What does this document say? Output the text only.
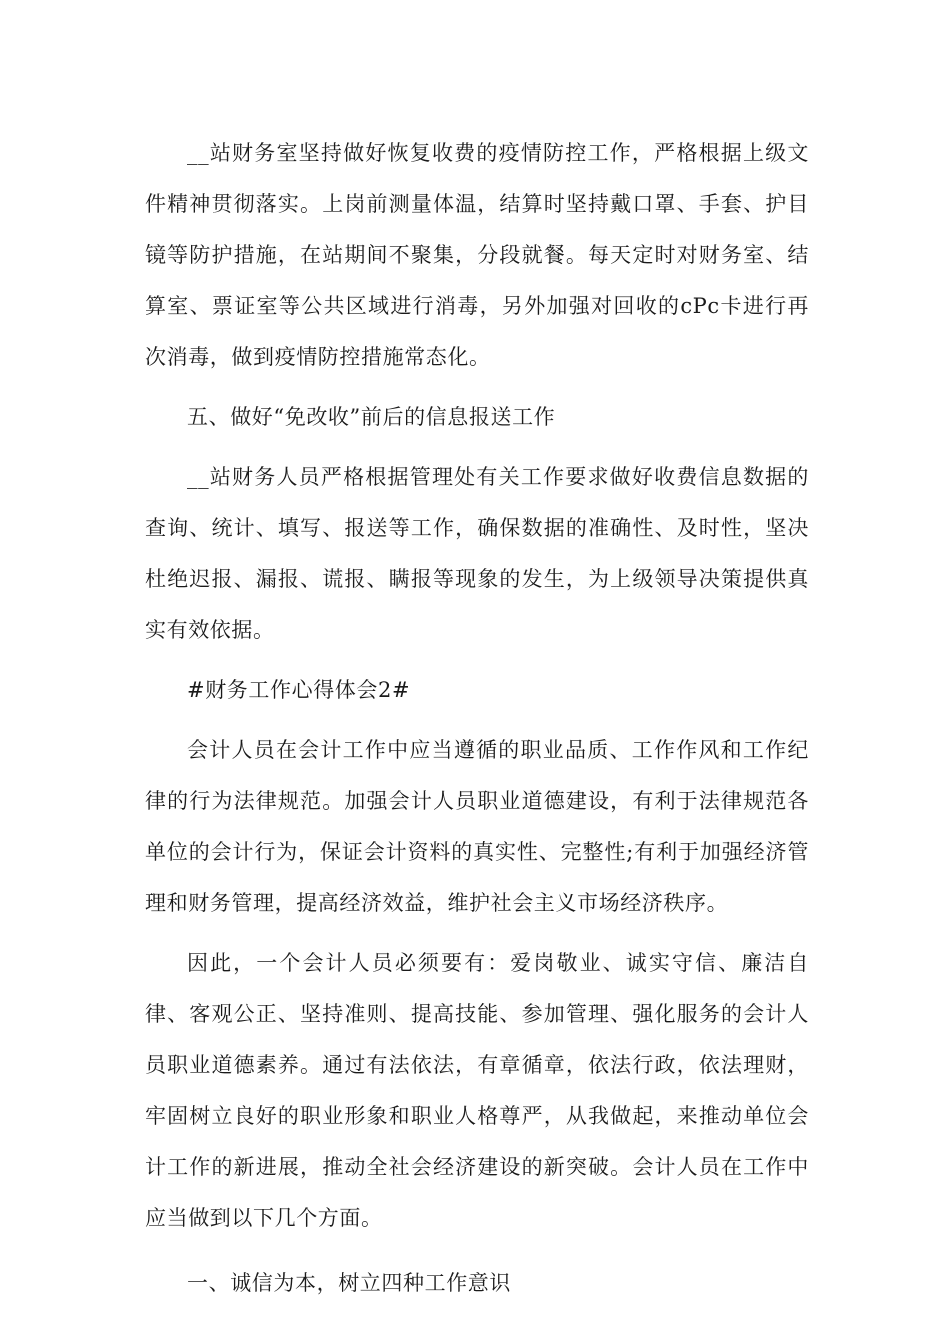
__站财务室坚持做好恢复收费的疫情防控工作，严格根据上级文件精神贯彻落实。上岗前测量体温，结算时坚持戴口罩、手套、护目镜等防护措施，在站期间不聚集，分段就餐。每天定时对财务室、结算室、票证室等公共区域进行消毒，另外加强对回收的cPc卡进行再次消毒，做到疫情防控措施常态化。

五、做好“免改收”前后的信息报送工作

__站财务人员严格根据管理处有关工作要求做好收费信息数据的查询、统计、填写、报送等工作，确保数据的准确性、及时性，坚决杜绝迟报、漏报、谎报、瞒报等现象的发生，为上级领导决策提供真实有效依据。

#财务工作心得体会2#

会计人员在会计工作中应当遵循的职业品质、工作作风和工作纪律的行为法律规范。加强会计人员职业道德建设，有利于法律规范各单位的会计行为，保证会计资料的真实性、完整性;有利于加强经济管理和财务管理，提高经济效益，维护社会主义市场经济秩序。

因此，一个会计人员必须要有：爱岗敬业、诚实守信、廉洁自律、客观公正、坚持准则、提高技能、参加管理、强化服务的会计人员职业道德素养。通过有法依法，有章循章，依法行政，依法理财，牢固树立良好的职业形象和职业人格尊严，从我做起，来推动单位会计工作的新进展，推动全社会经济建设的新突破。会计人员在工作中应当做到以下几个方面。

一、诚信为本，树立四种工作意识
